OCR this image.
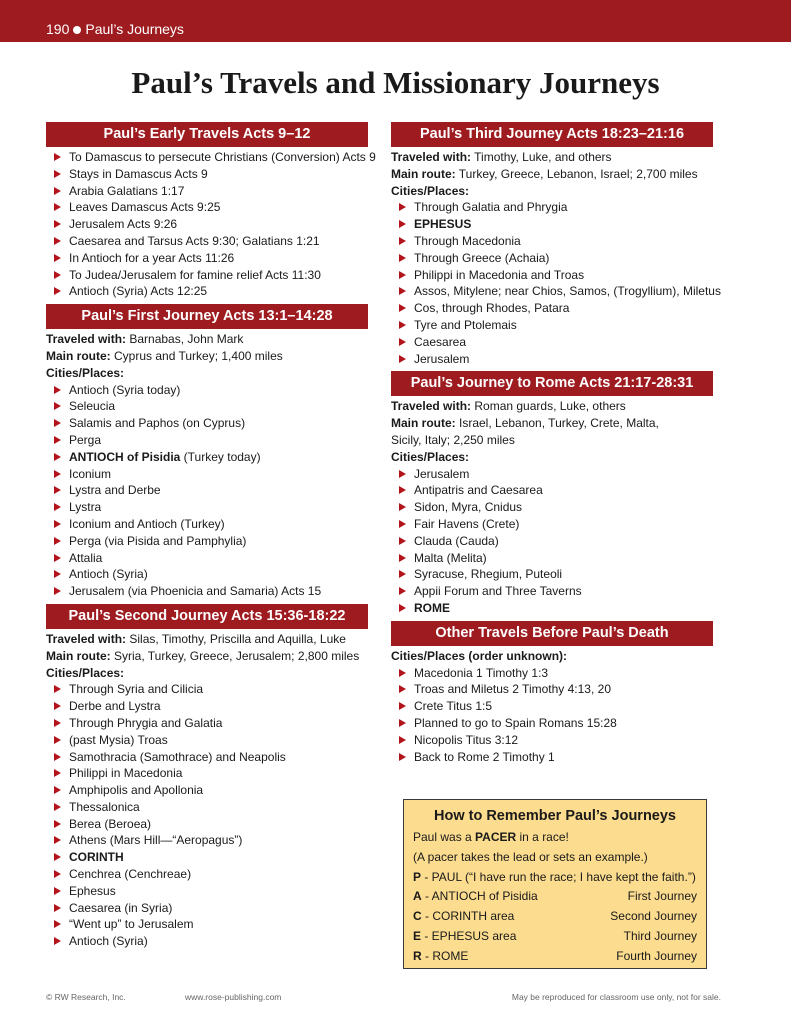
190 Paul’s Journeys
Paul’s Travels and Missionary Journeys
Paul’s Early Travels Acts 9–12
To Damascus to persecute Christians (Conversion) Acts 9
Stays in Damascus Acts 9
Arabia Galatians 1:17
Leaves Damascus Acts 9:25
Jerusalem Acts 9:26
Caesarea and Tarsus Acts 9:30; Galatians 1:21
In Antioch for a year Acts 11:26
To Judea/Jerusalem for famine relief Acts 11:30
Antioch (Syria) Acts 12:25
Paul’s First Journey Acts 13:1–14:28
Traveled with: Barnabas, John Mark
Main route: Cyprus and Turkey; 1,400 miles
Cities/Places:
Antioch (Syria today)
Seleucia
Salamis and Paphos (on Cyprus)
Perga
ANTIOCH of Pisidia (Turkey today)
Iconium
Lystra and Derbe
Lystra
Iconium and Antioch (Turkey)
Perga (via Pisida and Pamphylia)
Attalia
Antioch (Syria)
Jerusalem (via Phoenicia and Samaria) Acts 15
Paul’s Second Journey Acts 15:36-18:22
Traveled with: Silas, Timothy, Priscilla and Aquilla, Luke
Main route: Syria, Turkey, Greece, Jerusalem; 2,800 miles
Cities/Places:
Through Syria and Cilicia
Derbe and Lystra
Through Phrygia and Galatia
(past Mysia) Troas
Samothracia (Samothrace) and Neapolis
Philippi in Macedonia
Amphipolis and Apollonia
Thessalonica
Berea (Beroea)
Athens (Mars Hill—“Aeropagus”)
CORINTH
Cenchrea (Cenchreae)
Ephesus
Caesarea (in Syria)
“Went up” to Jerusalem
Antioch (Syria)
Paul’s Third Journey Acts 18:23–21:16
Traveled with: Timothy, Luke, and others
Main route: Turkey, Greece, Lebanon, Israel; 2,700 miles
Cities/Places:
Through Galatia and Phrygia
EPHESUS
Through Macedonia
Through Greece (Achaia)
Philippi in Macedonia and Troas
Assos, Mitylene; near Chios, Samos, (Trogyllium), Miletus
Cos, through Rhodes, Patara
Tyre and Ptolemais
Caesarea
Jerusalem
Paul’s Journey to Rome Acts 21:17-28:31
Traveled with: Roman guards, Luke, others
Main route: Israel, Lebanon, Turkey, Crete, Malta,
Sicily, Italy; 2,250 miles
Cities/Places:
Jerusalem
Antipatris and Caesarea
Sidon, Myra, Cnidus
Fair Havens (Crete)
Clauda (Cauda)
Malta (Melita)
Syracuse, Rhegium, Puteoli
Appii Forum and Three Taverns
ROME
Other Travels Before Paul’s Death
Cities/Places (order unknown):
Macedonia 1 Timothy 1:3
Troas and Miletus 2 Timothy 4:13, 20
Crete Titus 1:5
Planned to go to Spain Romans 15:28
Nicopolis Titus 3:12
Back to Rome 2 Timothy 1
How to Remember Paul’s Journeys
Paul was a PACER in a race!
(A pacer takes the lead or sets an example.)
P - PAUL (“I have run the race; I have kept the faith.”)
A - ANTIOCH of Pisidia	First Journey
C - CORINTH area	Second Journey
E - EPHESUS area	Third Journey
R - ROME	Fourth Journey
© RW Research, Inc.	www.rose-publishing.com	May be reproduced for classroom use only, not for sale.
